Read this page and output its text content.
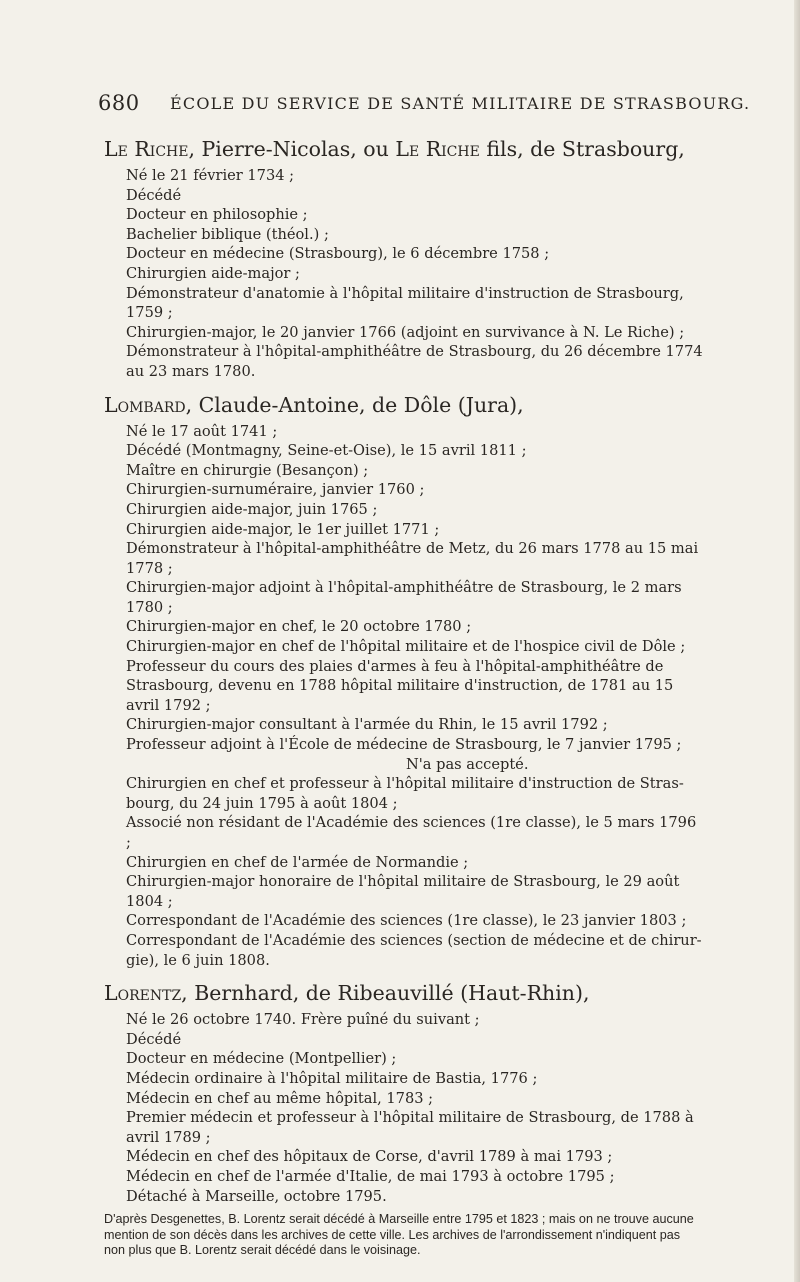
680 ÉCOLE DU SERVICE DE SANTÉ MILITAIRE DE STRASBOURG.
Le Riche, Pierre-Nicolas, ou Le Riche fils, de Strasbourg,
Né le 21 février 1734 ;
Décédé
Docteur en philosophie ;
Bachelier biblique (théol.) ;
Docteur en médecine (Strasbourg), le 6 décembre 1758 ;
Chirurgien aide-major ;
Démonstrateur d'anatomie à l'hôpital militaire d'instruction de Strasbourg, 1759 ;
Chirurgien-major, le 20 janvier 1766 (adjoint en survivance à N. Le Riche) ;
Démonstrateur à l'hôpital-amphithéâtre de Strasbourg, du 26 décembre 1774
au 23 mars 1780.
Lombard, Claude-Antoine, de Dôle (Jura),
Né le 17 août 1741 ;
Décédé (Montmagny, Seine-et-Oise), le 15 avril 1811 ;
Maître en chirurgie (Besançon) ;
Chirurgien-surnuméraire, janvier 1760 ;
Chirurgien aide-major, juin 1765 ;
Chirurgien aide-major, le 1er juillet 1771 ;
Démonstrateur à l'hôpital-amphithéâtre de Metz, du 26 mars 1778 au 15 mai 1778 ;
Chirurgien-major adjoint à l'hôpital-amphithéâtre de Strasbourg, le 2 mars 1780 ;
Chirurgien-major en chef, le 20 octobre 1780 ;
Chirurgien-major en chef de l'hôpital militaire et de l'hospice civil de Dôle ;
Professeur du cours des plaies d'armes à feu à l'hôpital-amphithéâtre de
Strasbourg, devenu en 1788 hôpital militaire d'instruction, de 1781 au 15
avril 1792 ;
Chirurgien-major consultant à l'armée du Rhin, le 15 avril 1792 ;
Professeur adjoint à l'École de médecine de Strasbourg, le 7 janvier 1795 ;
N'a pas accepté.
Chirurgien en chef et professeur à l'hôpital militaire d'instruction de Stras-
bourg, du 24 juin 1795 à août 1804 ;
Associé non résidant de l'Académie des sciences (1re classe), le 5 mars 1796 ;
Chirurgien en chef de l'armée de Normandie ;
Chirurgien-major honoraire de l'hôpital militaire de Strasbourg, le 29 août 1804 ;
Correspondant de l'Académie des sciences (1re classe), le 23 janvier 1803 ;
Correspondant de l'Académie des sciences (section de médecine et de chirur-
gie), le 6 juin 1808.
Lorentz, Bernhard, de Ribeauvillé (Haut-Rhin),
Né le 26 octobre 1740. Frère puîné du suivant ;
Décédé
Docteur en médecine (Montpellier) ;
Médecin ordinaire à l'hôpital militaire de Bastia, 1776 ;
Médecin en chef au même hôpital, 1783 ;
Premier médecin et professeur à l'hôpital militaire de Strasbourg, de 1788 à
avril 1789 ;
Médecin en chef des hôpitaux de Corse, d'avril 1789 à mai 1793 ;
Médecin en chef de l'armée d'Italie, de mai 1793 à octobre 1795 ;
Détaché à Marseille, octobre 1795.

D'après Desgenettes, B. Lorentz serait décédé à Marseille entre 1795 et 1823 ; mais on ne trouve aucune mention de son décès dans les archives de cette ville. Les archives de l'arrondissement n'indiquent pas non plus que B. Lorentz serait décédé dans le voisinage.
